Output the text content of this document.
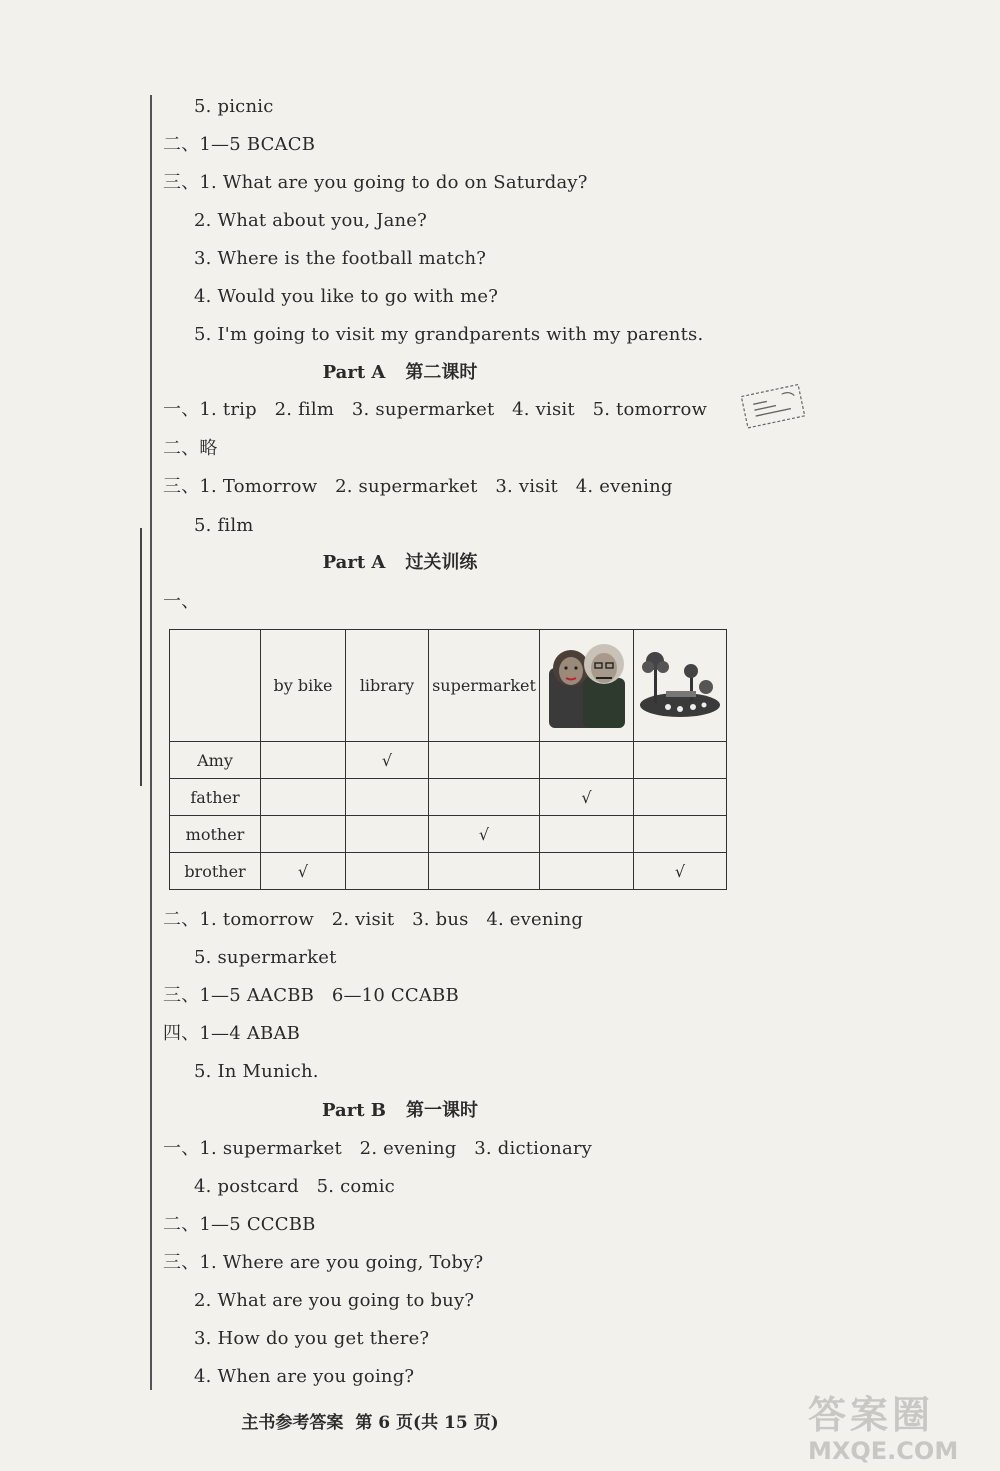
5. picnic
二、1—5 BCACB
三、1. What are you going to do on Saturday?
2. What about you, Jane?
3. Where is the football match?
4. Would you like to go with me?
5. I'm going to visit my grandparents with my parents.
Part A 第二课时
一、1. trip   2. film   3. supermarket   4. visit   5. tomorrow
二、略
三、1. Tomorrow   2. supermarket   3. visit   4. evening
5. film
Part A 过关训练
一、
	by bike	library	supermarket		
Amy		√			
father				√	
mother			√		
brother	√				√
二、1. tomorrow   2. visit   3. bus   4. evening
5. supermarket
三、1—5 AACBB   6—10 CCABB
四、1—4 ABAB
5. In Munich.
Part B 第一课时
一、1. supermarket   2. evening   3. dictionary
4. postcard   5. comic
二、1—5 CCCBB
三、1. Where are you going, Toby?
2. What are you going to buy?
3. How do you get there?
4. When are you going?
主书参考答案 第 6 页(共 15 页)	答案圈
MXQE.COM
